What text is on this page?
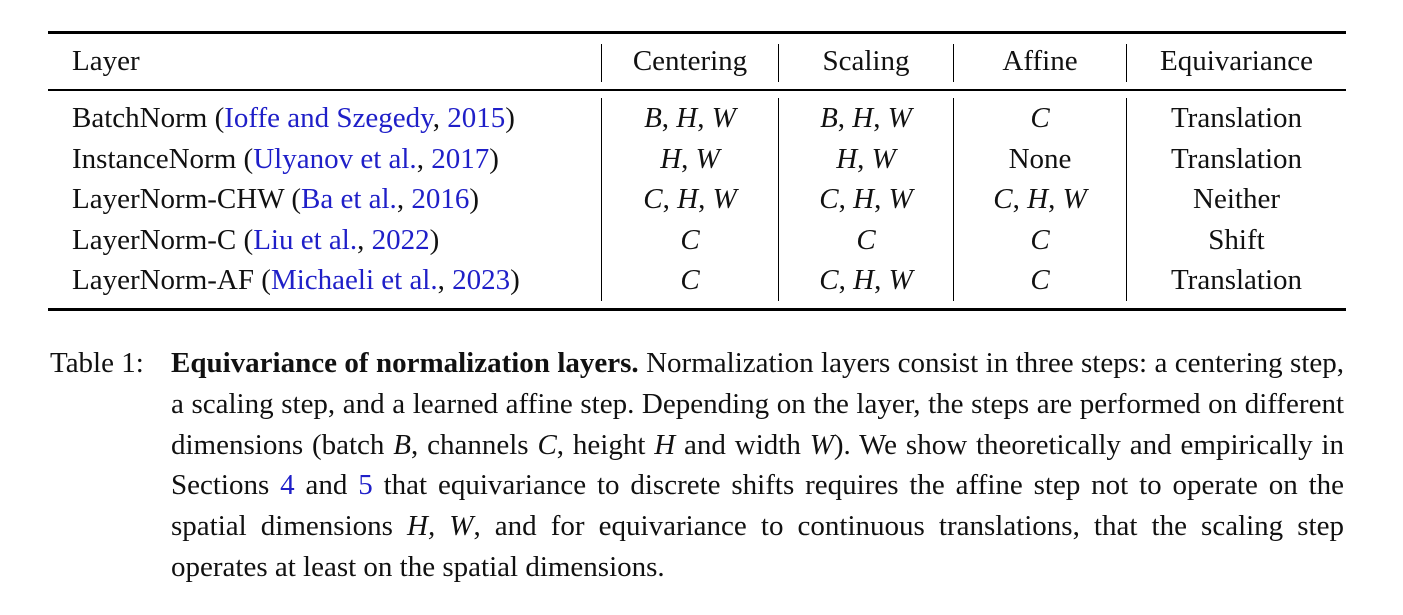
Layer	Centering	Scaling	Affine	Equivariance
BatchNorm (Ioffe and Szegedy, 2015)	B, H, W	B, H, W	C	Translation
InstanceNorm (Ulyanov et al., 2017)	H, W	H, W	None	Translation
LayerNorm-CHW (Ba et al., 2016)	C, H, W	C, H, W	C, H, W	Neither
LayerNorm-C (Liu et al., 2022)	C	C	C	Shift
LayerNorm-AF (Michaeli et al., 2023)	C	C, H, W	C	Translation
Table 1: Equivariance of normalization layers. Normalization layers consist in three steps: a centering step, a scaling step, and a learned affine step. Depending on the layer, the steps are performed on different dimensions (batch B, channels C, height H and width W). We show theoretically and empirically in Sections 4 and 5 that equivariance to discrete shifts requires the affine step not to operate on the spatial dimensions H, W, and for equivariance to continuous translations, that the scaling step operates at least on the spatial dimensions.
